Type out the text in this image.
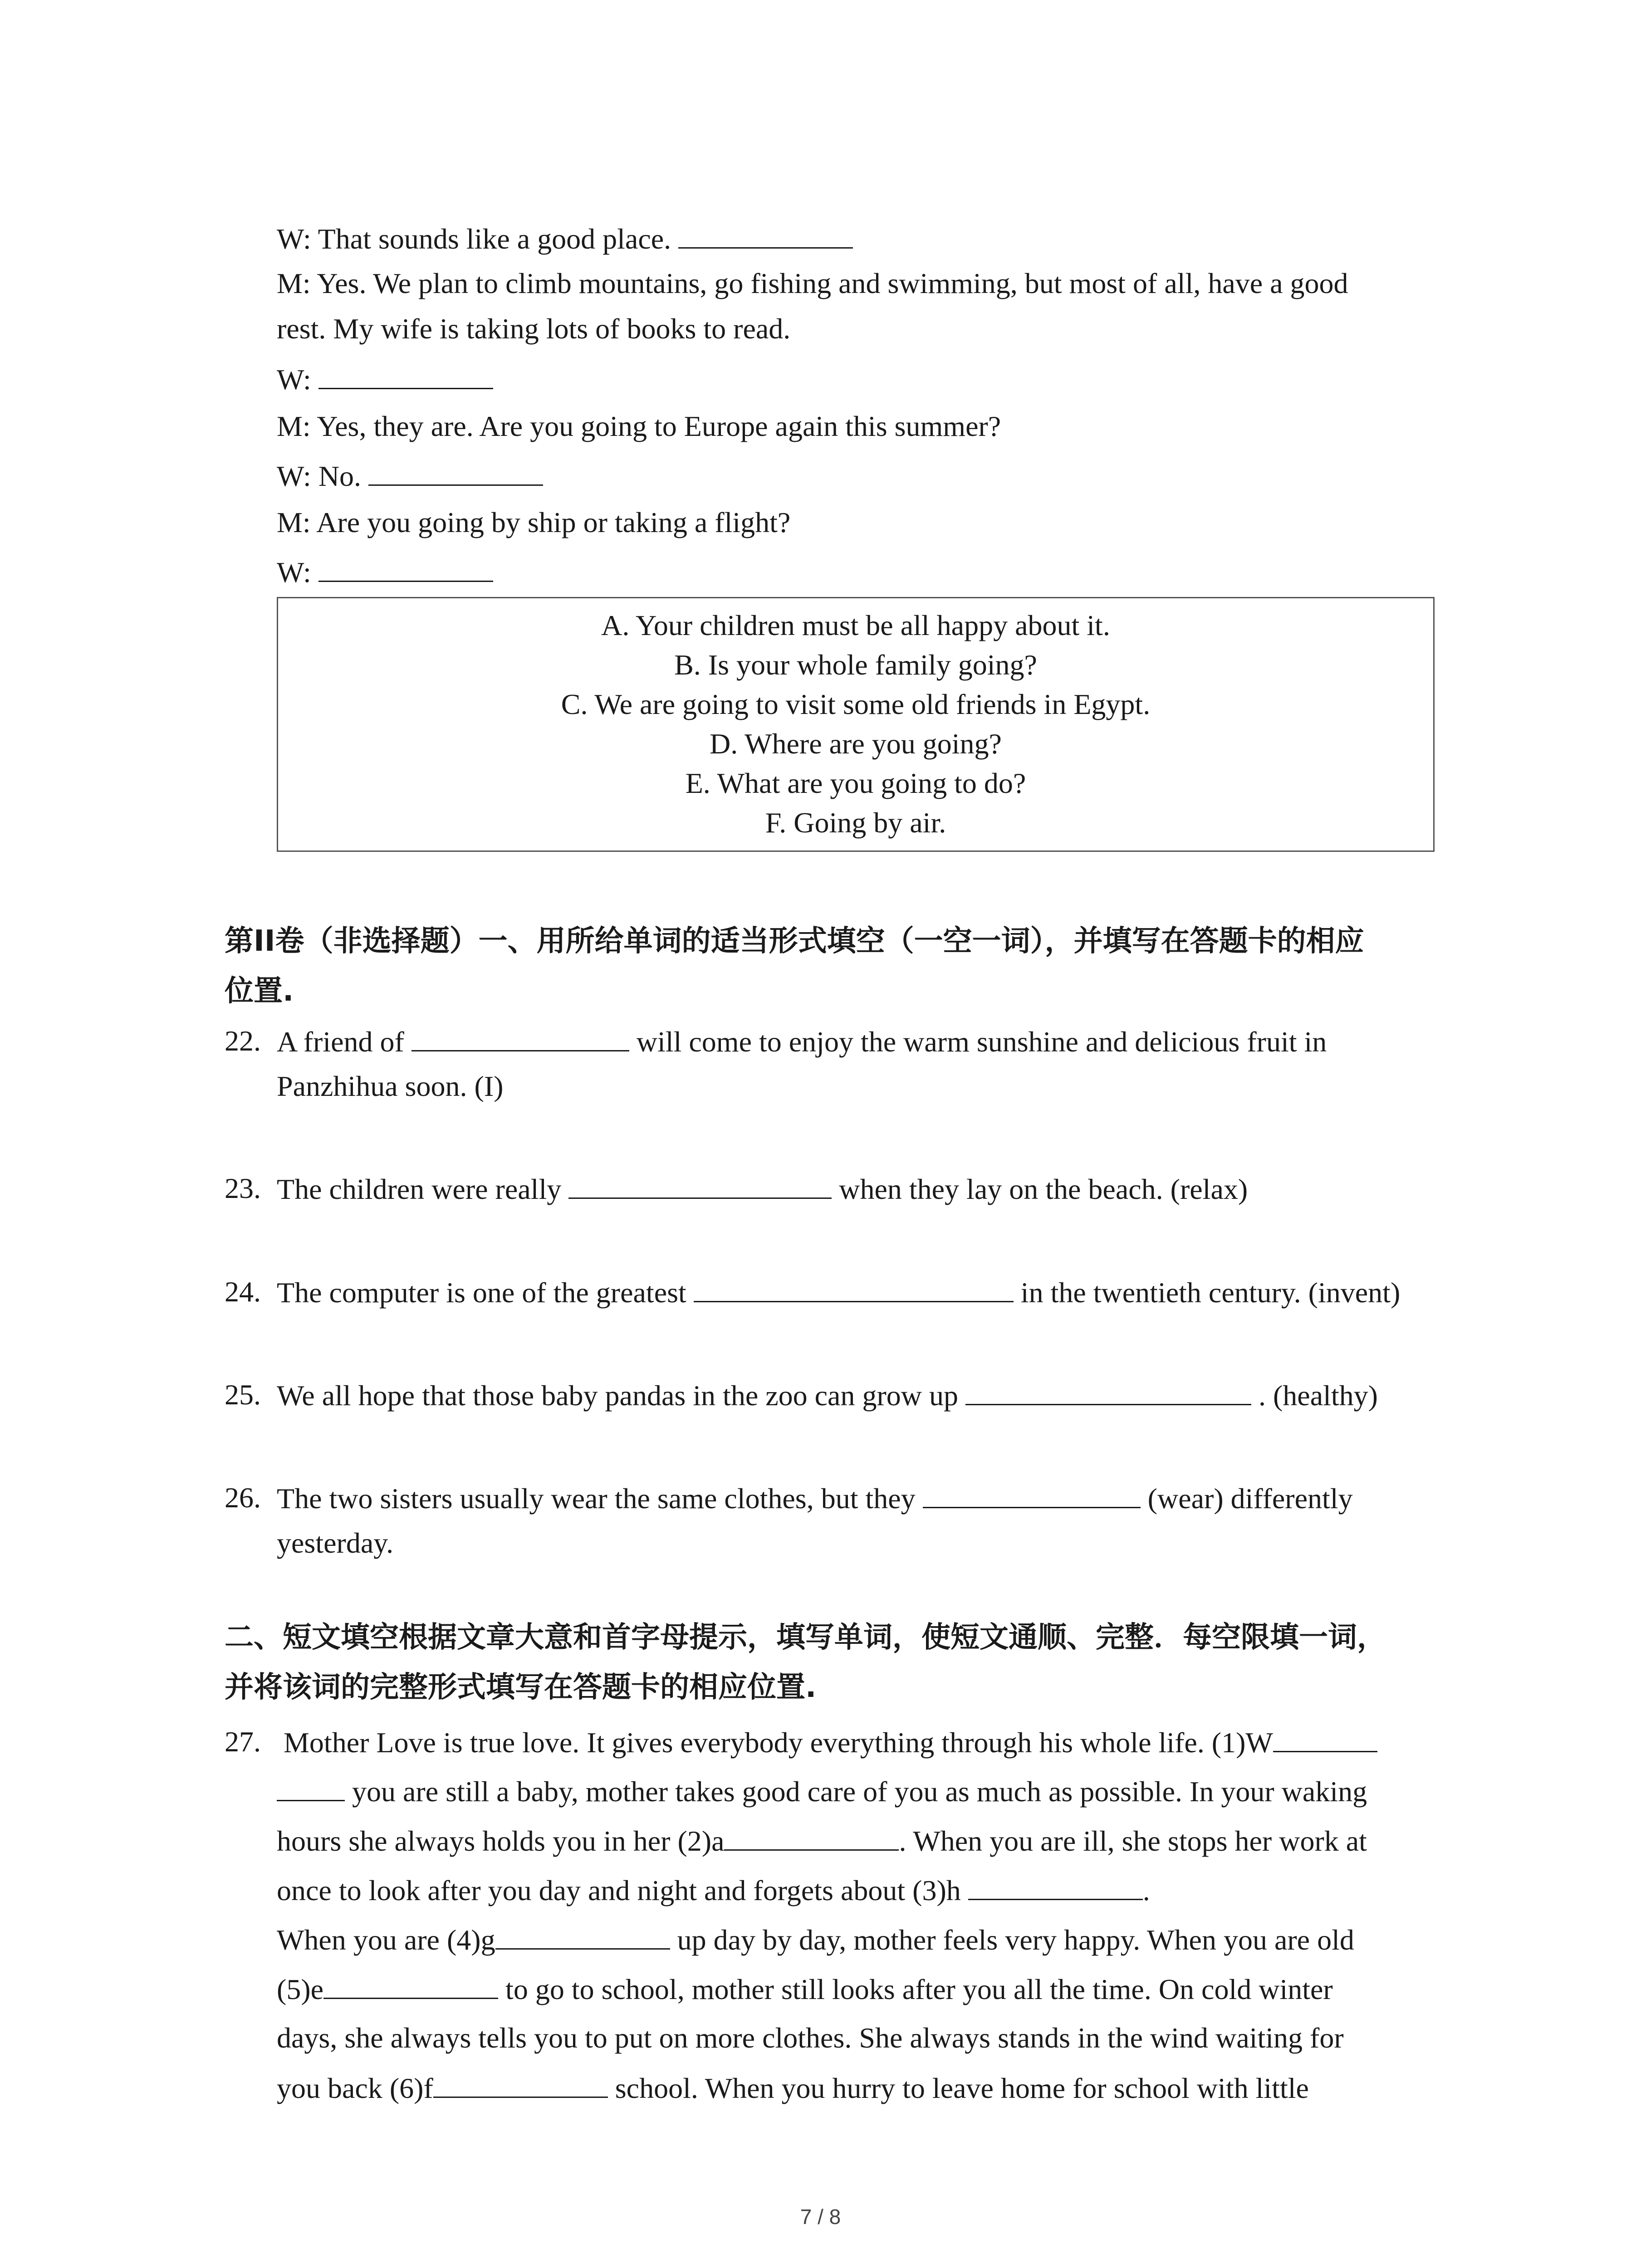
W: That sounds like a good place.
M: Yes. We plan to climb mountains, go fishing and swimming, but most of all, have a good
rest. My wife is taking lots of books to read.
W:
M: Yes, they are. Are you going to Europe again this summer?
W: No.
M: Are you going by ship or taking a flight?
W:
A. Your children must be all happy about it.
B. Is your whole family going?
C. We are going to visit some old friends in Egypt.
D. Where are you going?
E. What are you going to do?
F. Going by air.
第II卷（非选择题）一、用所给单词的适当形式填空（一空一词），并填写在答题卡的相应
位置.
22. A friend of	will come to enjoy the warm sunshine and delicious fruit in
Panzhihua soon. (I)
23. The children were really	when they lay on the beach. (relax)
24. The computer is one of the greatest	in the twentieth century. (invent)
25. We all hope that those baby pandas in the zoo can grow up	. (healthy)
26. The two sisters usually wear the same clothes, but they	(wear) differently
yesterday.
二、短文填空根据文章大意和首字母提示，填写单词，使短文通顺、完整．每空限填一词，
并将该词的完整形式填写在答题卡的相应位置.
27. Mother Love is true love. It gives everybody everything through his whole life. (1)W
you are still a baby, mother takes good care of you as much as possible. In your waking
hours she always holds you in her (2)a	. When you are ill, she stops her work at
once to look after you day and night and forgets about (3)h	.
When you are (4)g	up day by day, mother feels very happy. When you are old
(5)e	to go to school, mother still looks after you all the time. On cold winter
days, she always tells you to put on more clothes. She always stands in the wind waiting for
you back (6)f	school. When you hurry to leave home for school with little
7 / 8
